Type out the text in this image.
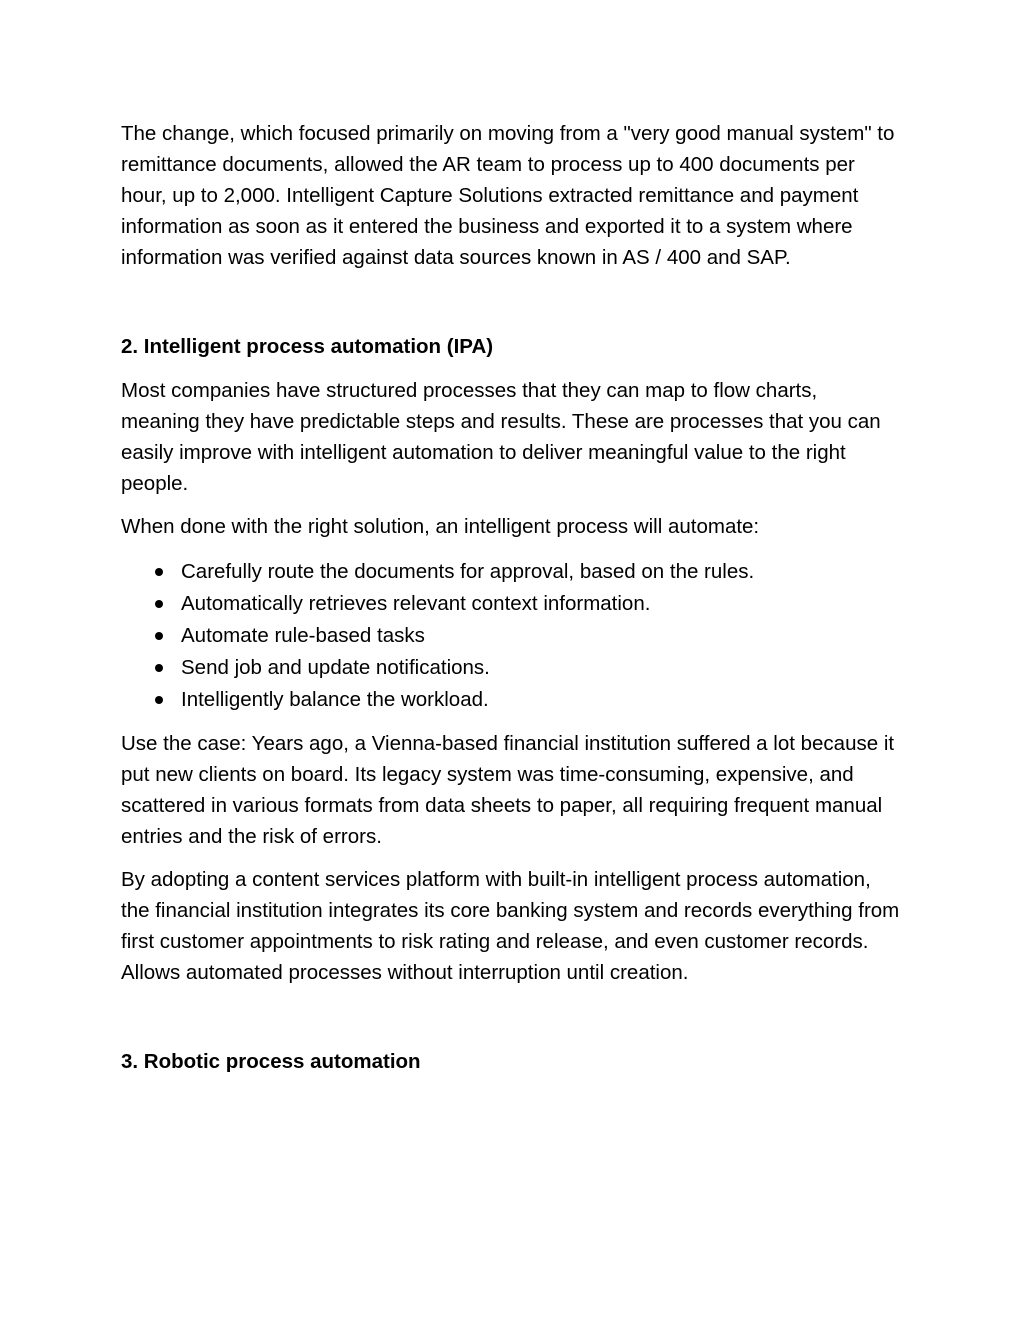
The change, which focused primarily on moving from a "very good manual system" to remittance documents, allowed the AR team to process up to 400 documents per hour, up to 2,000. Intelligent Capture Solutions extracted remittance and payment information as soon as it entered the business and exported it to a system where information was verified against data sources known in AS / 400 and SAP.

2. Intelligent process automation (IPA)

Most companies have structured processes that they can map to flow charts, meaning they have predictable steps and results. These are processes that you can easily improve with intelligent automation to deliver meaningful value to the right people.

When done with the right solution, an intelligent process will automate:

Carefully route the documents for approval, based on the rules.
Automatically retrieves relevant context information.
Automate rule-based tasks
Send job and update notifications.
Intelligently balance the workload.

Use the case: Years ago, a Vienna-based financial institution suffered a lot because it put new clients on board. Its legacy system was time-consuming, expensive, and scattered in various formats from data sheets to paper, all requiring frequent manual entries and the risk of errors.

By adopting a content services platform with built-in intelligent process automation, the financial institution integrates its core banking system and records everything from first customer appointments to risk rating and release, and even customer records. Allows automated processes without interruption until creation.

3. Robotic process automation
